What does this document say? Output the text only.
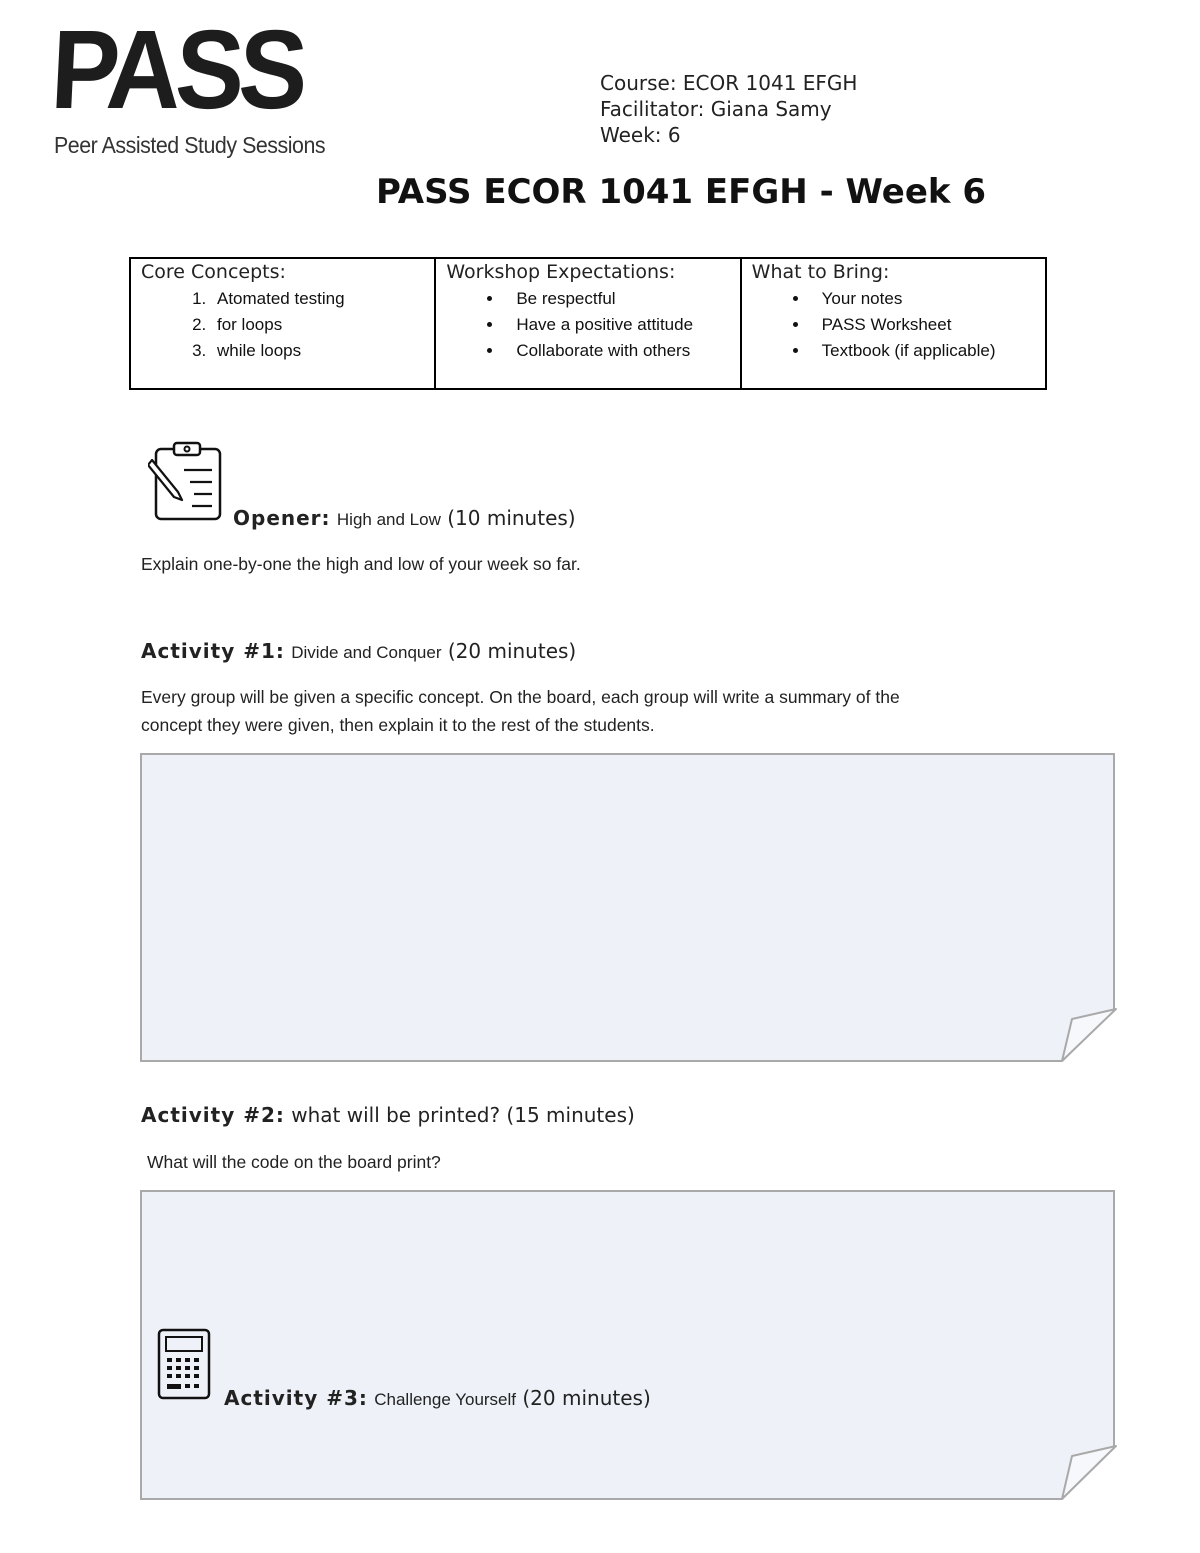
PASS
Peer Assisted Study Sessions
Course: ECOR 1041 EFGH
Facilitator: Giana Samy
Week: 6
PASS ECOR 1041 EFGH - Week 6
Core Concepts:
1. Atomated testing
2. for loops
3. while loops
Workshop Expectations:
• Be respectful
• Have a positive attitude
• Collaborate with others
What to Bring:
• Your notes
• PASS Worksheet
• Textbook (if applicable)
Opener: High and Low (10 minutes)
Explain one-by-one the high and low of your week so far.
Activity #1: Divide and Conquer (20 minutes)
Every group will be given a specific concept. On the board, each group will write a summary of the
concept they were given, then explain it to the rest of the students.
Activity #2: what will be printed? (15 minutes)
What will the code on the board print?
Activity #3: Challenge Yourself (20 minutes)
